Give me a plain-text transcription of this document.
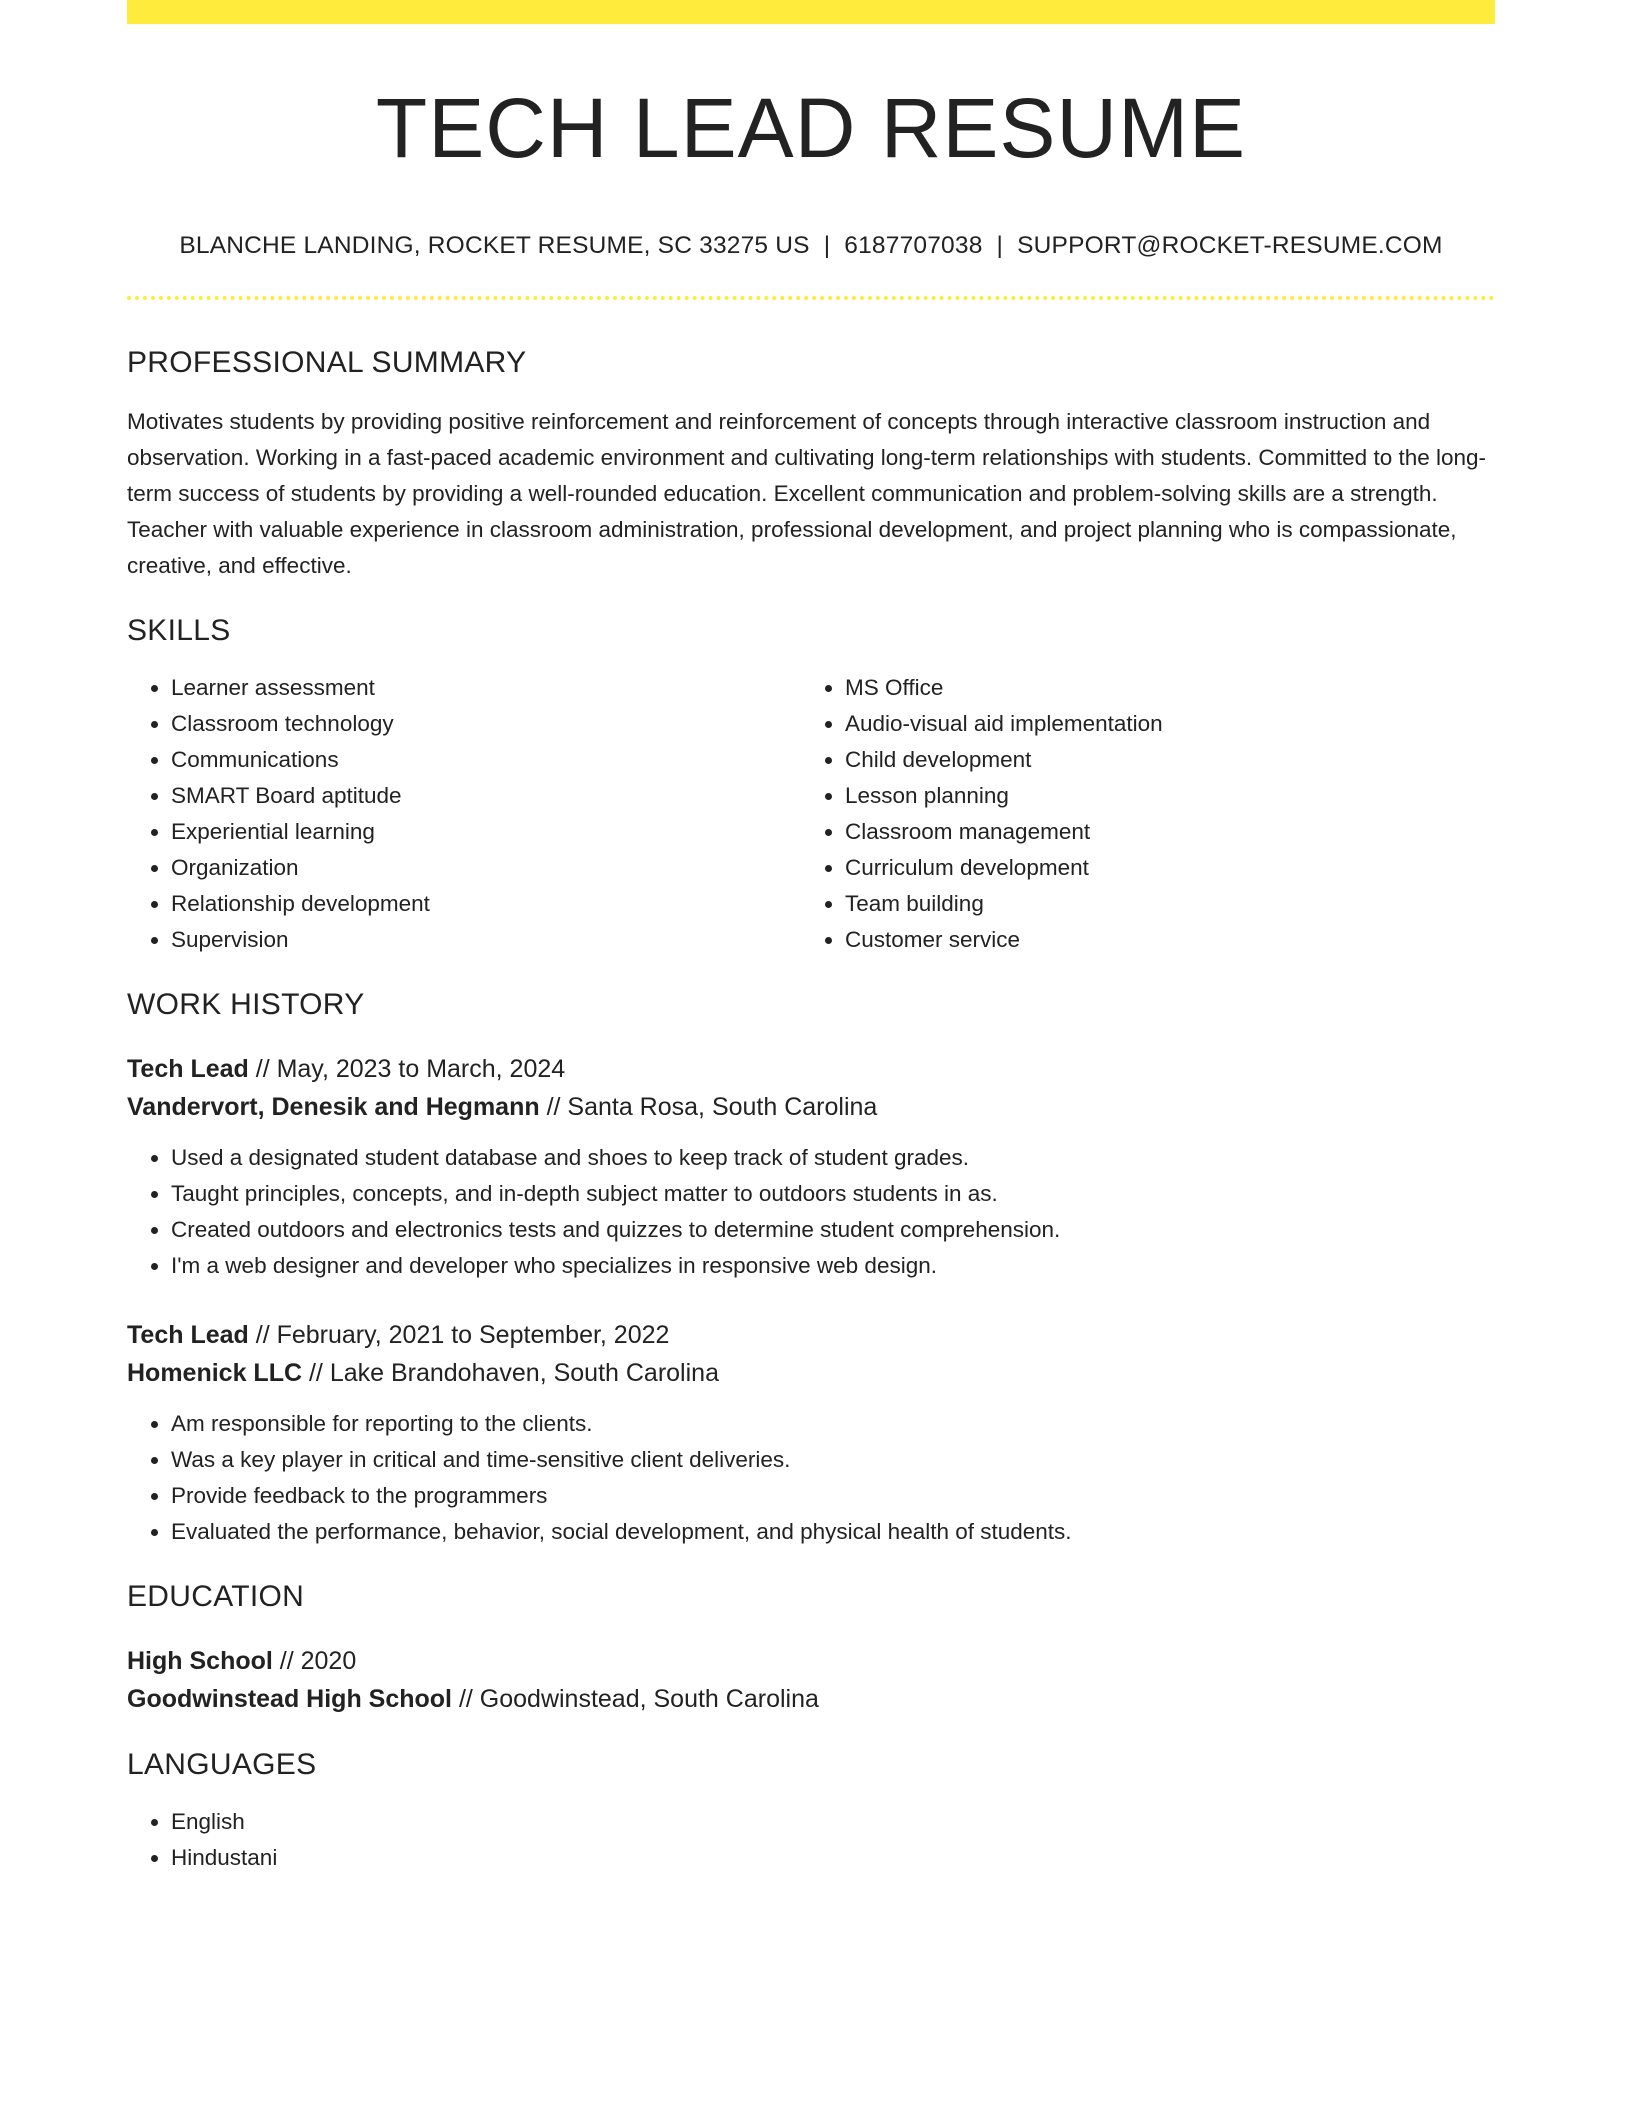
TECH LEAD RESUME
BLANCHE LANDING, ROCKET RESUME, SC 33275 US | 6187707038 | SUPPORT@ROCKET-RESUME.COM
PROFESSIONAL SUMMARY
Motivates students by providing positive reinforcement and reinforcement of concepts through interactive classroom instruction and observation. Working in a fast-paced academic environment and cultivating long-term relationships with students. Committed to the long-term success of students by providing a well-rounded education. Excellent communication and problem-solving skills are a strength. Teacher with valuable experience in classroom administration, professional development, and project planning who is compassionate, creative, and effective.
SKILLS
• Learner assessment
• Classroom technology
• Communications
• SMART Board aptitude
• Experiential learning
• Organization
• Relationship development
• Supervision
• MS Office
• Audio-visual aid implementation
• Child development
• Lesson planning
• Classroom management
• Curriculum development
• Team building
• Customer service
WORK HISTORY
Tech Lead // May, 2023 to March, 2024
Vandervort, Denesik and Hegmann // Santa Rosa, South Carolina
• Used a designated student database and shoes to keep track of student grades.
• Taught principles, concepts, and in-depth subject matter to outdoors students in as.
• Created outdoors and electronics tests and quizzes to determine student comprehension.
• I'm a web designer and developer who specializes in responsive web design.
Tech Lead // February, 2021 to September, 2022
Homenick LLC // Lake Brandohaven, South Carolina
• Am responsible for reporting to the clients.
• Was a key player in critical and time-sensitive client deliveries.
• Provide feedback to the programmers
• Evaluated the performance, behavior, social development, and physical health of students.
EDUCATION
High School // 2020
Goodwinstead High School // Goodwinstead, South Carolina
LANGUAGES
• English
• Hindustani
